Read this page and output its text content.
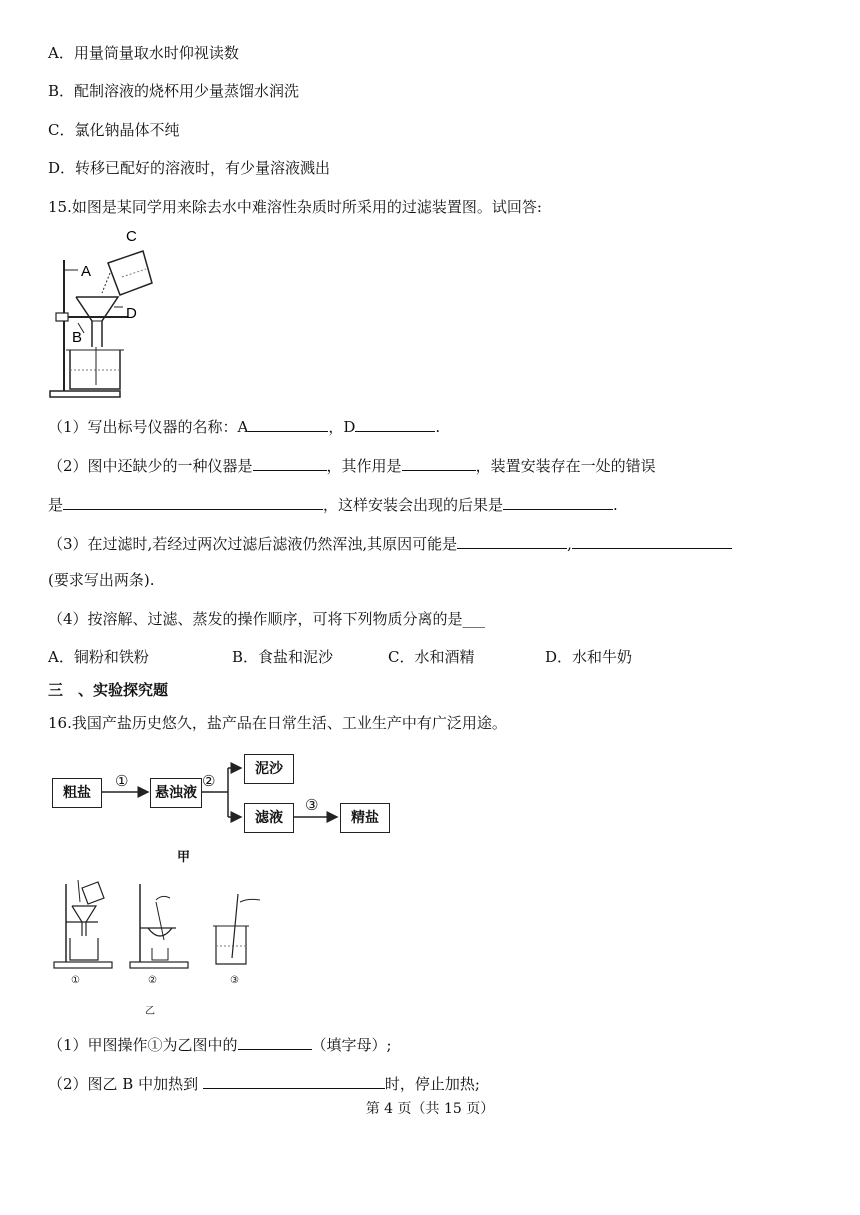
A．用量筒量取水时仰视读数
B．配制溶液的烧杯用少量蒸馏水润洗
C．氯化钠晶体不纯
D．转移已配好的溶液时，有少量溶液溅出
15.如图是某同学用来除去水中难溶性杂质时所采用的过滤装置图。试回答:
A
C
D
B
（1）写出标号仪器的名称：A	，D	.
（2）图中还缺少的一种仪器是	，其作用是	，装置安装存在一处的错误
是	，这样安装会出现的后果是	.
（3）在过滤时,若经过两次过滤后滤液仍然浑浊,其原因可能是	,
(要求写出两条).
（4）按溶解、过滤、蒸发的操作顺序，可将下列物质分离的是___
A．铜粉和铁粉	B．食盐和泥沙	C．水和酒精	D．水和牛奶
三　、实验探究题
16.我国产盐历史悠久，盐产品在日常生活、工业生产中有广泛用途。
粗盐	悬浊液
泥沙
滤液	精盐
①	②
③
甲
①	②	③
乙
（1）甲图操作①为乙图中的	（填字母）;
（2）图乙 B 中加热到	时，停止加热;
第 4 页（共 15 页）
